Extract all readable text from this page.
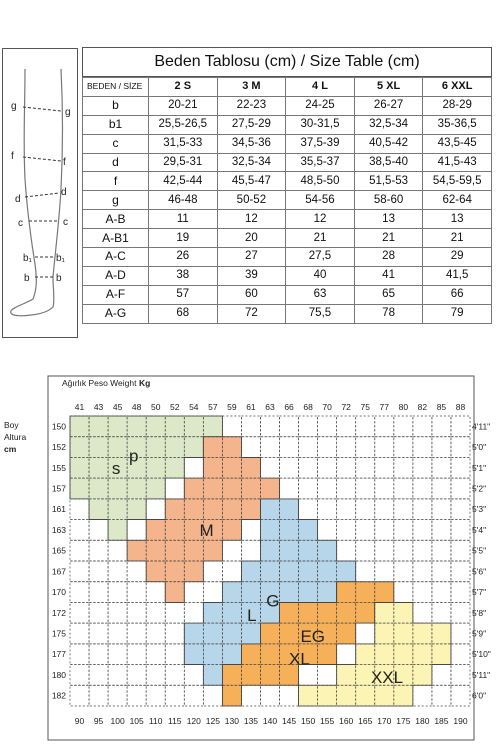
g
f
d
c
b₁
b
g
f
d
c
b₁
b
Beden Tablosu (cm) / Size Table (cm)
BEDEN / SİZE	2 S	3 M	4 L	5 XL	6 XXL
b	20-21	22-23	24-25	26-27	28-29
b1	25,5-26,5	27,5-29	30-31,5	32,5-34	35-36,5
c	31,5-33	34,5-36	37,5-39	40,5-42	43,5-45
d	29,5-31	32,5-34	35,5-37	38,5-40	41,5-43
f	42,5-44	45,5-47	48,5-50	51,5-53	54,5-59,5
g	46-48	50-52	54-56	58-60	62-64
A-B	11	12	12	13	13
A-B1	19	20	21	21	21
A-C	26	27	27,5	28	29
A-D	38	39	40	41	41,5
A-F	57	60	63	65	66
A-G	68	72	75,5	78	79
s
p
M
L
G
XL
EG
XXL
41 43 45 48 50 52 54 57 59 61 63 66 68 70 72 75 77 80 82 85 88
90 95 100 105 110 115 120 125 130 135 140 145 150 155 160 165 170 175 180 185 190
150
152
155
157
161
163
165
167
170
172
175
177
180
182
4'11"
5'0"
5'1"
5'2"
5'3"
5'4"
5'5"
5'6"
5'7"
5'8"
5'9"
5'10"
5'11"
6'0"
Ağırlık Peso Weight Kg
Boy
Altura
cm
